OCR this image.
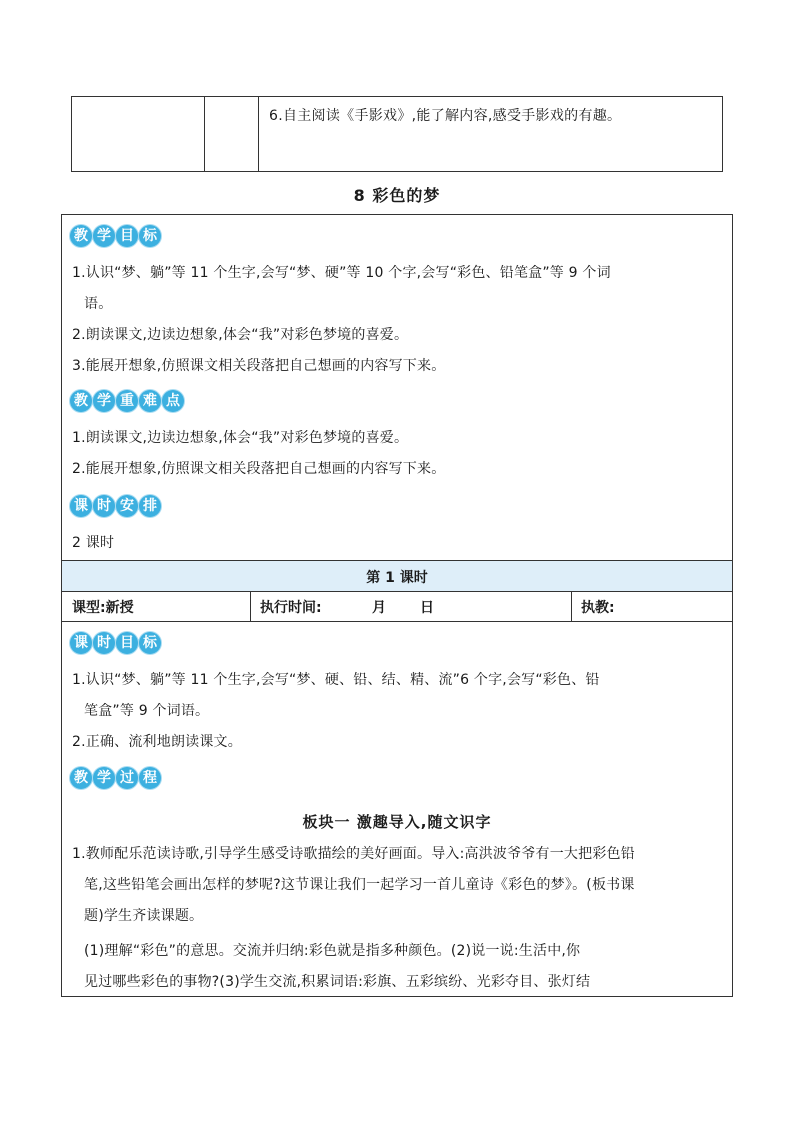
6.自主阅读《手影戏》,能了解内容,感受手影戏的有趣。
8 彩色的梦
教 学 目 标
1.认识“梦、躺”等 11 个生字,会写“梦、硬”等 10 个字,会写“彩色、铅笔盒”等 9 个词
语。
2.朗读课文,边读边想象,体会“我”对彩色梦境的喜爱。
3.能展开想象,仿照课文相关段落把自己想画的内容写下来。
教 学 重 难 点
1.朗读课文,边读边想象,体会“我”对彩色梦境的喜爱。
2.能展开想象,仿照课文相关段落把自己想画的内容写下来。
课 时 安 排
2 课时
第 1 课时
课型:新授	执行时间:	月 日	执教:
课 时 目 标
1.认识“梦、躺”等 11 个生字,会写“梦、硬、铅、结、精、流”6 个字,会写“彩色、铅
笔盒”等 9 个词语。
2.正确、流利地朗读课文。
教 学 过 程
板块一 激趣导入,随文识字
1.教师配乐范读诗歌,引导学生感受诗歌描绘的美好画面。导入:高洪波爷爷有一大把彩色铅
笔,这些铅笔会画出怎样的梦呢?这节课让我们一起学习一首儿童诗《彩色的梦》。(板书课
题)学生齐读课题。
(1)理解“彩色”的意思。交流并归纳:彩色就是指多种颜色。(2)说一说:生活中,你
见过哪些彩色的事物?(3)学生交流,积累词语:彩旗、五彩缤纷、光彩夺目、张灯结
